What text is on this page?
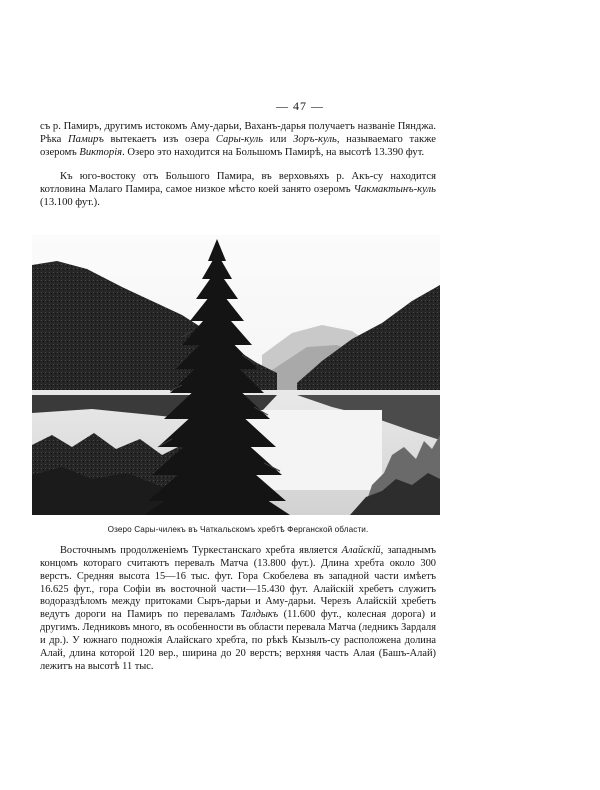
— 47 —

съ р. Памиръ, другимъ истокомъ Аму-дарьи, Ваханъ-дарья получаетъ названiе Пянджа. Рѣка Памиръ вытекаетъ изъ озера Сары-куль или Зоръ-куль, называемаго также озеромъ Викторiя. Озеро это находится на Большомъ Памирѣ, на высотѣ 13.390 фут.

Къ юго-востоку отъ Большого Памира, въ верховьяхъ р. Акъ-су находится котловина Малаго Памира, самое низкое мѣсто коей занято озеромъ Чакмактынъ-куль (13.100 фут.).

Озеро Сары-чилекъ въ Чаткальскомъ хребтѣ Ферганской области.

Восточнымъ продолженiемъ Туркестанскаго хребта является Алайскiй, западнымъ концомъ котораго считаютъ перевалъ Матча (13.800 фут.). Длина хребта около 300 верстъ. Средняя высота 15—16 тыс. фут. Гора Скобелева въ западной части имѣетъ 16.625 фут., гора Софiи въ восточной части—15.430 фут. Алайскiй хребетъ служитъ водораздѣломъ между притоками Сыръ-дарьи и Аму-дарьи. Черезъ Алайскiй хребетъ ведутъ дороги на Памиръ по переваламъ Талдыкъ (11.600 фут., колесная дорога) и другимъ. Ледниковъ много, въ особенности въ области перевала Матча (ледникъ Зардаля и др.). У южнаго подножiя Алайскаго хребта, по рѣкѣ Кызылъ-су расположена долина Алай, длина которой 120 вер., ширина до 20 верстъ; верхняя часть Алая (Башъ-Алай) лежитъ на высотѣ 11 тыс.
